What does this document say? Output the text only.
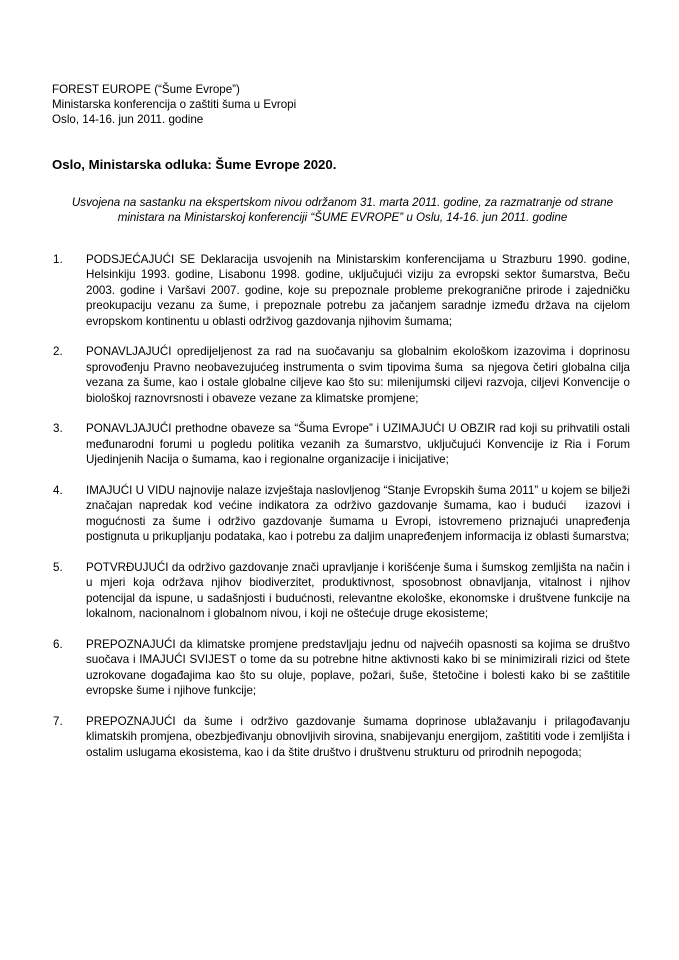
FOREST EUROPE (“Šume Evrope”)
Ministarska konferencija o zaštiti šuma u Evropi
Oslo, 14-16. jun 2011. godine
Oslo, Ministarska odluka: Šume Evrope 2020.
Usvojena na sastanku na ekspertskom nivou održanom 31. marta 2011. godine, za razmatranje od strane ministara na Ministarskoj konferenciji “ŠUME EVROPE” u Oslu, 14-16. jun 2011. godine
1.	PODSJEĆAJUĆI SE Deklaracija usvojenih na Ministarskim konferencijama u Strazburu 1990. godine, Helsinkiju 1993. godine, Lisabonu 1998. godine, uključujući viziju za evropski sektor šumarstva, Beču 2003. godine i Varšavi 2007. godine, koje su prepoznale probleme prekogranične prirode i zajedničku preokupaciju vezanu za šume, i prepoznale potrebu za jačanjem saradnje između država na cijelom evropskom kontinentu u oblasti održivog gazdovanja njihovim šumama;
2.	PONAVLJAJUĆI opredijeljenost za rad na suočavanju sa globalnim ekološkom izazovima i doprinosu sprovođenju Pravno neobavezujućeg instrumenta o svim tipovima šuma  sa njegova četiri globalna cilja vezana za šume, kao i ostale globalne ciljeve kao što su: milenijumski ciljevi razvoja, ciljevi Konvencije o biološkoj raznovrsnosti i obaveze vezane za klimatske promjene;
3.	PONAVLJAJUĆI prethodne obaveze sa “Šuma Evrope” i UZIMAJUĆI U OBZIR rad koji su prihvatili ostali međunarodni forumi u pogledu politika vezanih za šumarstvo, uključujući Konvencije iz Ria i Forum Ujedinjenih Nacija o šumama, kao i regionalne organizacije i inicijative;
4.	IMAJUĆI U VIDU najnovije nalaze izvještaja naslovljenog “Stanje Evropskih šuma 2011” u kojem se bilježi značajan napredak kod većine indikatora za održivo gazdovanje šumama, kao i budući   izazovi i mogućnosti za šume i održivo gazdovanje šumama u Evropi, istovremeno priznajući unapređenja postignuta u prikupljanju podataka, kao i potrebu za daljim unapređenjem informacija iz oblasti šumarstva;
5.	POTVRĐUJUĆI da održivo gazdovanje znači upravljanje i korišćenje šuma i šumskog zemljišta na način i u mjeri koja održava njihov biodiverzitet, produktivnost, sposobnost obnavljanja, vitalnost i njihov potencijal da ispune, u sadašnjosti i budućnosti, relevantne ekološke, ekonomske i društvene funkcije na lokalnom, nacionalnom i globalnom nivou, i koji ne oštećuje druge ekosisteme;
6.	PREPOZNAJUĆI da klimatske promjene predstavljaju jednu od najvećih opasnosti sa kojima se društvo suočava i IMAJUĆI SVIJEST o tome da su potrebne hitne aktivnosti kako bi se minimizirali rizici od štete uzrokovane događajima kao što su oluje, poplave, požari, šuše, štetočine i bolesti kako bi se zaštitile evropske šume i njihove funkcije;
7.	PREPOZNAJUĆI da šume i održivo gazdovanje šumama doprinose ublažavanju i prilagođavanju klimatskih promjena, obezbjeđivanju obnovljivih sirovina, snabijevanju energijom, zaštititi vode i zemljišta i ostalim uslugama ekosistema, kao i da štite društvo i društvenu strukturu od prirodnih nepogoda;
